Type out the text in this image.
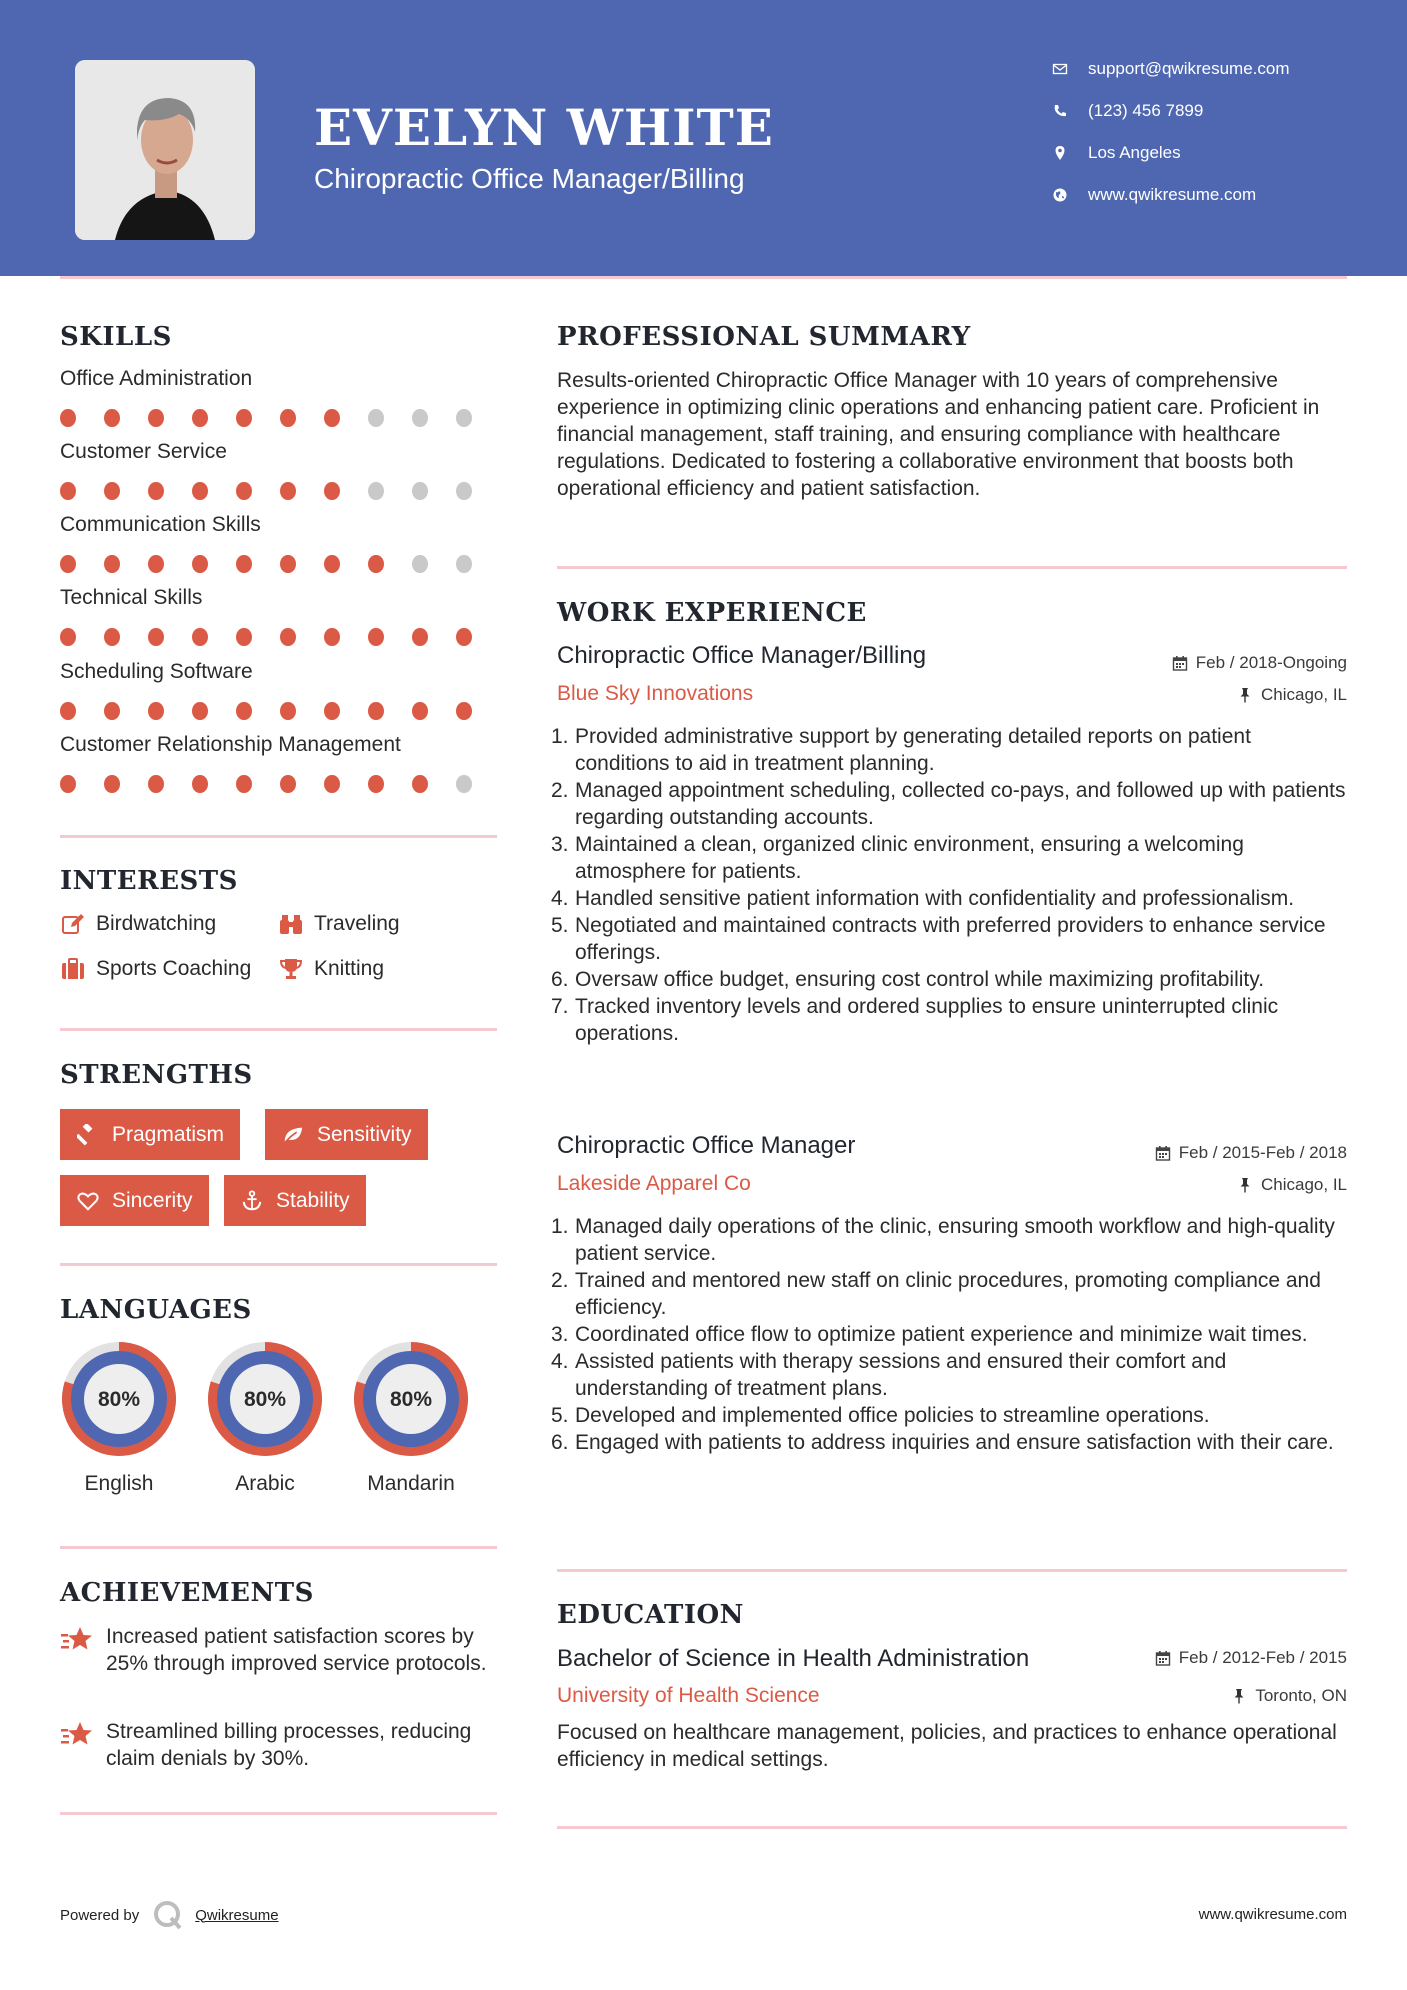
EVELYN WHITE
Chiropractic Office Manager/Billing
support@qwikresume.com
(123) 456 7899
Los Angeles
www.qwikresume.com
SKILLS
Office Administration
Customer Service
Communication Skills
Technical Skills
Scheduling Software
Customer Relationship Management
INTERESTS
Birdwatching	Traveling
Sports Coaching	Knitting
STRENGTHS
Pragmatism	Sensitivity
Sincerity	Stability
LANGUAGES
80%
English
80%
Arabic
80%
Mandarin
ACHIEVEMENTS
Increased patient satisfaction scores by 25% through improved service protocols.
Streamlined billing processes, reducing claim denials by 30%.
PROFESSIONAL SUMMARY
Results-oriented Chiropractic Office Manager with 10 years of comprehensive experience in optimizing clinic operations and enhancing patient care. Proficient in financial management, staff training, and ensuring compliance with healthcare regulations. Dedicated to fostering a collaborative environment that boosts both operational efficiency and patient satisfaction.
WORK EXPERIENCE
Chiropractic Office Manager/Billing	Feb / 2018-Ongoing
Blue Sky Innovations	Chicago, IL
1. Provided administrative support by generating detailed reports on patient conditions to aid in treatment planning.
2. Managed appointment scheduling, collected co-pays, and followed up with patients regarding outstanding accounts.
3. Maintained a clean, organized clinic environment, ensuring a welcoming atmosphere for patients.
4. Handled sensitive patient information with confidentiality and professionalism.
5. Negotiated and maintained contracts with preferred providers to enhance service offerings.
6. Oversaw office budget, ensuring cost control while maximizing profitability.
7. Tracked inventory levels and ordered supplies to ensure uninterrupted clinic operations.
Chiropractic Office Manager	Feb / 2015-Feb / 2018
Lakeside Apparel Co	Chicago, IL
1. Managed daily operations of the clinic, ensuring smooth workflow and high-quality patient service.
2. Trained and mentored new staff on clinic procedures, promoting compliance and efficiency.
3. Coordinated office flow to optimize patient experience and minimize wait times.
4. Assisted patients with therapy sessions and ensured their comfort and understanding of treatment plans.
5. Developed and implemented office policies to streamline operations.
6. Engaged with patients to address inquiries and ensure satisfaction with their care.
EDUCATION
Bachelor of Science in Health Administration	Feb / 2012-Feb / 2015
University of Health Science	Toronto, ON
Focused on healthcare management, policies, and practices to enhance operational efficiency in medical settings.
Powered by	Qwikresume	www.qwikresume.com
